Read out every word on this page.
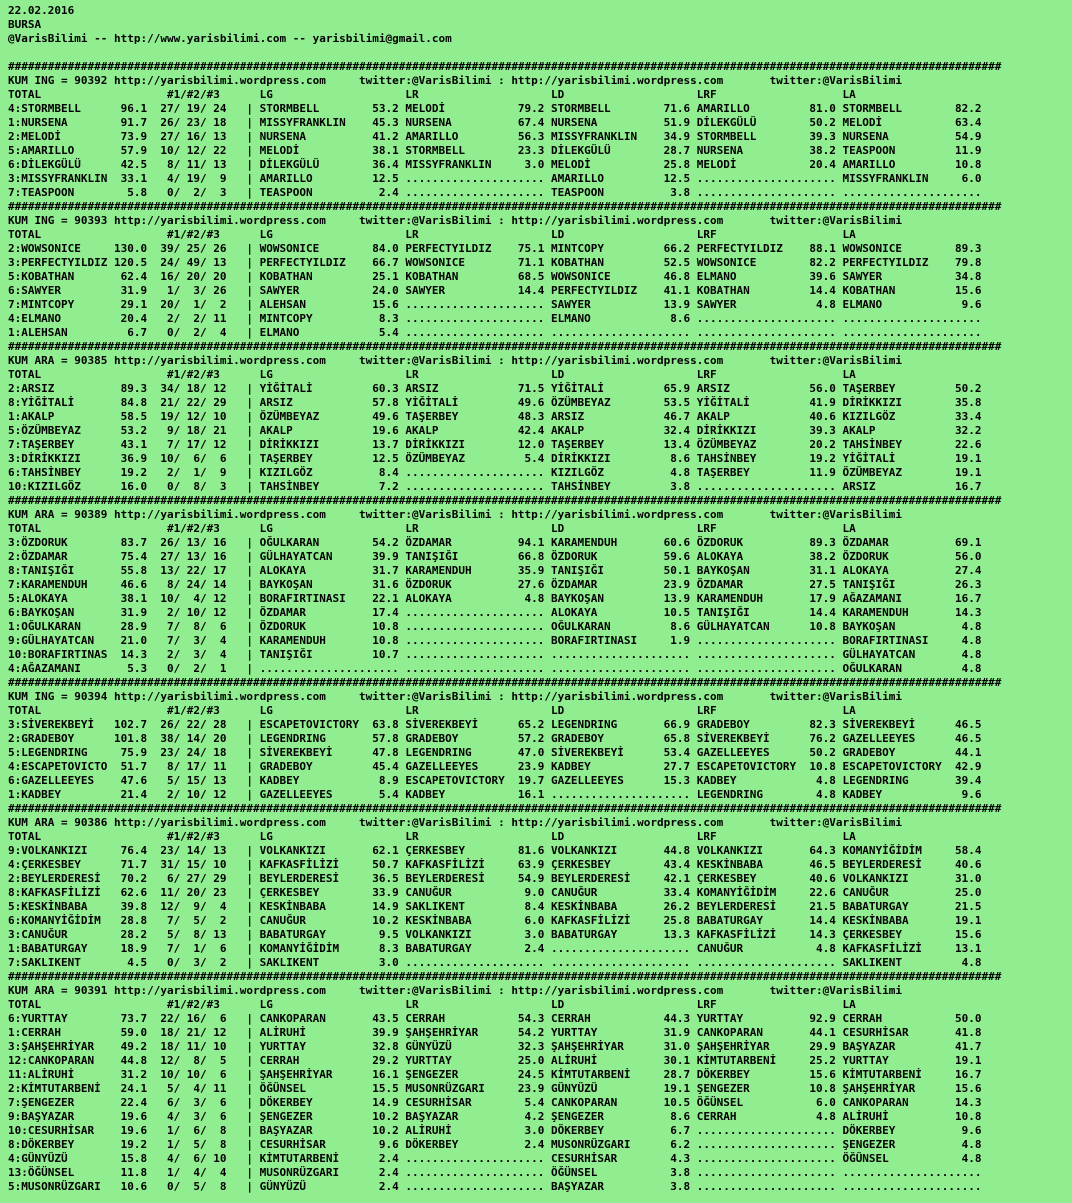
22.02.2016
BURSA
@VarisBilimi -- http://www.yarisbilimi.com -- yarisbilimi@gmail.com
######################################################################################################################################################
KUM ING = 90392 http://yarisbilimi.wordpress.com     twitter:@VarisBilimi : http://yarisbilimi.wordpress.com       twitter:@VarisBilimi
TOTAL                   #1/#2/#3      LG                    LR                    LD                    LRF                   LA
4:STORMBELL      96.1  27/ 19/ 24   | STORMBELL        53.2 MELODİ           79.2 STORMBELL        71.6 AMARILLO         81.0 STORMBELL        82.2
1:NURSENA        91.7  26/ 23/ 18   | MISSYFRANKLIN    45.3 NURSENA          67.4 NURSENA          51.9 DİLEKGÜLÜ        50.2 MELODİ           63.4
2:MELODİ         73.9  27/ 16/ 13   | NURSENA          41.2 AMARILLO         56.3 MISSYFRANKLIN    34.9 STORMBELL        39.3 NURSENA          54.9
5:AMARILLO       57.9  10/ 12/ 22   | MELODİ           38.1 STORMBELL        23.3 DİLEKGÜLÜ        28.7 NURSENA          38.2 TEASPOON         11.9
6:DİLEKGÜLÜ      42.5   8/ 11/ 13   | DİLEKGÜLÜ        36.4 MISSYFRANKLIN     3.0 MELODİ           25.8 MELODİ           20.4 AMARILLO         10.8
3:MISSYFRANKLIN  33.1   4/ 19/  9   | AMARILLO         12.5 ..................... AMARILLO         12.5 ..................... MISSYFRANKLIN     6.0
7:TEASPOON        5.8   0/  2/  3   | TEASPOON          2.4 ..................... TEASPOON          3.8 ..................... .....................
######################################################################################################################################################
KUM ING = 90393 http://yarisbilimi.wordpress.com     twitter:@VarisBilimi : http://yarisbilimi.wordpress.com       twitter:@VarisBilimi
TOTAL                   #1/#2/#3      LG                    LR                    LD                    LRF                   LA
2:WOWSONICE     130.0  39/ 25/ 26   | WOWSONICE        84.0 PERFECTYILDIZ    75.1 MINTCOPY         66.2 PERFECTYILDIZ    88.1 WOWSONICE        89.3
3:PERFECTYILDIZ 120.5  24/ 49/ 13   | PERFECTYILDIZ    66.7 WOWSONICE        71.1 KOBATHAN         52.5 WOWSONICE        82.2 PERFECTYILDIZ    79.8
5:KOBATHAN       62.4  16/ 20/ 20   | KOBATHAN         25.1 KOBATHAN         68.5 WOWSONICE        46.8 ELMANO           39.6 SAWYER           34.8
6:SAWYER         31.9   1/  3/ 26   | SAWYER           24.0 SAWYER           14.4 PERFECTYILDIZ    41.1 KOBATHAN         14.4 KOBATHAN         15.6
7:MINTCOPY       29.1  20/  1/  2   | ALEHSAN          15.6 ..................... SAWYER           13.9 SAWYER            4.8 ELMANO            9.6
4:ELMANO         20.4   2/  2/ 11   | MINTCOPY          8.3 ..................... ELMANO            8.6 ..................... .....................
1:ALEHSAN         6.7   0/  2/  4   | ELMANO            5.4 ..................... ..................... ..................... .....................
######################################################################################################################################################
KUM ARA = 90385 http://yarisbilimi.wordpress.com     twitter:@VarisBilimi : http://yarisbilimi.wordpress.com       twitter:@VarisBilimi
TOTAL                   #1/#2/#3      LG                    LR                    LD                    LRF                   LA
2:ARSIZ          89.3  34/ 18/ 12   | YİĞİTALİ         60.3 ARSIZ            71.5 YİĞİTALİ         65.9 ARSIZ            56.0 TAŞERBEY         50.2
8:YİĞİTALİ       84.8  21/ 22/ 29   | ARSIZ            57.8 YİĞİTALİ         49.6 ÖZÜMBEYAZ        53.5 YİĞİTALİ         41.9 DİRİKKIZI        35.8
1:AKALP          58.5  19/ 12/ 10   | ÖZÜMBEYAZ        49.6 TAŞERBEY         48.3 ARSIZ            46.7 AKALP            40.6 KIZILGÖZ         33.4
5:ÖZÜMBEYAZ      53.2   9/ 18/ 21   | AKALP            19.6 AKALP            42.4 AKALP            32.4 DİRİKKIZI        39.3 AKALP            32.2
7:TAŞERBEY       43.1   7/ 17/ 12   | DİRİKKIZI        13.7 DİRİKKIZI        12.0 TAŞERBEY         13.4 ÖZÜMBEYAZ        20.2 TAHSİNBEY        22.6
3:DİRİKKIZI      36.9  10/  6/  6   | TAŞERBEY         12.5 ÖZÜMBEYAZ         5.4 DİRİKKIZI         8.6 TAHSİNBEY        19.2 YİĞİTALİ         19.1
6:TAHSİNBEY      19.2   2/  1/  9   | KIZILGÖZ          8.4 ..................... KIZILGÖZ          4.8 TAŞERBEY         11.9 ÖZÜMBEYAZ        19.1
10:KIZILGÖZ      16.0   0/  8/  3   | TAHSİNBEY         7.2 ..................... TAHSİNBEY         3.8 ..................... ARSIZ            16.7
######################################################################################################################################################
KUM ARA = 90389 http://yarisbilimi.wordpress.com     twitter:@VarisBilimi : http://yarisbilimi.wordpress.com       twitter:@VarisBilimi
TOTAL                   #1/#2/#3      LG                    LR                    LD                    LRF                   LA
3:ÖZDORUK        83.7  26/ 13/ 16   | OĞULKARAN        54.2 ÖZDAMAR          94.1 KARAMENDUH       60.6 ÖZDORUK          89.3 ÖZDAMAR          69.1
2:ÖZDAMAR        75.4  27/ 13/ 16   | GÜLHAYATCAN      39.9 TANIŞIĞI         66.8 ÖZDORUK          59.6 ALOKAYA          38.2 ÖZDORUK          56.0
8:TANIŞIĞI       55.8  13/ 22/ 17   | ALOKAYA          31.7 KARAMENDUH       35.9 TANIŞIĞI         50.1 BAYKOŞAN         31.1 ALOKAYA          27.4
7:KARAMENDUH     46.6   8/ 24/ 14   | BAYKOŞAN         31.6 ÖZDORUK          27.6 ÖZDAMAR          23.9 ÖZDAMAR          27.5 TANIŞIĞI         26.3
5:ALOKAYA        38.1  10/  4/ 12   | BORAFIRTINASI    22.1 ALOKAYA           4.8 BAYKOŞAN         13.9 KARAMENDUH       17.9 AĞAZAMANI        16.7
6:BAYKOŞAN       31.9   2/ 10/ 12   | ÖZDAMAR          17.4 ..................... ALOKAYA          10.5 TANIŞIĞI         14.4 KARAMENDUH       14.3
1:OĞULKARAN      28.9   7/  8/  6   | ÖZDORUK          10.8 ..................... OĞULKARAN         8.6 GÜLHAYATCAN      10.8 BAYKOŞAN          4.8
9:GÜLHAYATCAN    21.0   7/  3/  4   | KARAMENDUH       10.8 ..................... BORAFIRTINASI     1.9 ..................... BORAFIRTINASI     4.8
10:BORAFIRTINAS  14.3   2/  3/  4   | TANIŞIĞI         10.7 ..................... ..................... ..................... GÜLHAYATCAN       4.8
4:AĞAZAMANI       5.3   0/  2/  1   | ..................... ..................... ..................... ..................... OĞULKARAN         4.8
######################################################################################################################################################
KUM ING = 90394 http://yarisbilimi.wordpress.com     twitter:@VarisBilimi : http://yarisbilimi.wordpress.com       twitter:@VarisBilimi
TOTAL                   #1/#2/#3      LG                    LR                    LD                    LRF                   LA
3:SİVEREKBEYİ   102.7  26/ 22/ 28   | ESCAPETOVICTORY  63.8 SİVEREKBEYİ      65.2 LEGENDRING       66.9 GRADEBOY         82.3 SİVEREKBEYİ      46.5
2:GRADEBOY      101.8  38/ 14/ 20   | LEGENDRING       57.8 GRADEBOY         57.2 GRADEBOY         65.8 SİVEREKBEYİ      76.2 GAZELLEEYES      46.5
5:LEGENDRING     75.9  23/ 24/ 18   | SİVEREKBEYİ      47.8 LEGENDRING       47.0 SİVEREKBEYİ      53.4 GAZELLEEYES      50.2 GRADEBOY         44.1
4:ESCAPETOVICTO  51.7   8/ 17/ 11   | GRADEBOY         45.4 GAZELLEEYES      23.9 KADBEY           27.7 ESCAPETOVICTORY  10.8 ESCAPETOVICTORY  42.9
6:GAZELLEEYES    47.6   5/ 15/ 13   | KADBEY            8.9 ESCAPETOVICTORY  19.7 GAZELLEEYES      15.3 KADBEY            4.8 LEGENDRING       39.4
1:KADBEY         21.4   2/ 10/ 12   | GAZELLEEYES       5.4 KADBEY           16.1 ..................... LEGENDRING        4.8 KADBEY            9.6
######################################################################################################################################################
KUM ARA = 90386 http://yarisbilimi.wordpress.com     twitter:@VarisBilimi : http://yarisbilimi.wordpress.com       twitter:@VarisBilimi
TOTAL                   #1/#2/#3      LG                    LR                    LD                    LRF                   LA
9:VOLKANKIZI     76.4  23/ 14/ 13   | VOLKANKIZI       62.1 ÇERKESBEY        81.6 VOLKANKIZI       44.8 VOLKANKIZI       64.3 KOMANYİĞİDİM     58.4
4:ÇERKESBEY      71.7  31/ 15/ 10   | KAFKASFİLİZİ     50.7 KAFKASFİLİZİ     63.9 ÇERKESBEY        43.4 KESKİNBABA       46.5 BEYLERDERESİ     40.6
2:BEYLERDERESİ   70.2   6/ 27/ 29   | BEYLERDERESİ     36.5 BEYLERDERESİ     54.9 BEYLERDERESİ     42.1 ÇERKESBEY        40.6 VOLKANKIZI       31.0
8:KAFKASFİLİZİ   62.6  11/ 20/ 23   | ÇERKESBEY        33.9 CANUĞUR           9.0 CANUĞUR          33.4 KOMANYİĞİDİM     22.6 CANUĞUR          25.0
5:KESKİNBABA     39.8  12/  9/  4   | KESKİNBABA       14.9 SAKLIKENT         8.4 KESKİNBABA       26.2 BEYLERDERESİ     21.5 BABATURGAY       21.5
6:KOMANYİĞİDİM   28.8   7/  5/  2   | CANUĞUR          10.2 KESKİNBABA        6.0 KAFKASFİLİZİ     25.8 BABATURGAY       14.4 KESKİNBABA       19.1
3:CANUĞUR        28.2   5/  8/ 13   | BABATURGAY        9.5 VOLKANKIZI        3.0 BABATURGAY       13.3 KAFKASFİLİZİ     14.3 ÇERKESBEY        15.6
1:BABATURGAY     18.9   7/  1/  6   | KOMANYİĞİDİM      8.3 BABATURGAY        2.4 ..................... CANUĞUR           4.8 KAFKASFİLİZİ     13.1
7:SAKLIKENT       4.5   0/  3/  2   | SAKLIKENT         3.0 ..................... ..................... ..................... SAKLIKENT         4.8
######################################################################################################################################################
KUM ARA = 90391 http://yarisbilimi.wordpress.com     twitter:@VarisBilimi : http://yarisbilimi.wordpress.com       twitter:@VarisBilimi
TOTAL                   #1/#2/#3      LG                    LR                    LD                    LRF                   LA
6:YURTTAY        73.7  22/ 16/  6   | CANKOPARAN       43.5 CERRAH           54.3 CERRAH           44.3 YURTTAY          92.9 CERRAH           50.0
1:CERRAH         59.0  18/ 21/ 12   | ALİRUHİ          39.9 ŞAHŞEHRİYAR      54.2 YURTTAY          31.9 CANKOPARAN       44.1 CESURHİSAR       41.8
3:ŞAHŞEHRİYAR    49.2  18/ 11/ 10   | YURTTAY          32.8 GÜNYÜZÜ          32.3 ŞAHŞEHRİYAR      31.0 ŞAHŞEHRİYAR      29.9 BAŞYAZAR         41.7
12:CANKOPARAN    44.8  12/  8/  5   | CERRAH           29.2 YURTTAY          25.0 ALİRUHİ          30.1 KİMTUTARBENİ     25.2 YURTTAY          19.1
11:ALİRUHİ       31.2  10/ 10/  6   | ŞAHŞEHRİYAR      16.1 ŞENGEZER         24.5 KİMTUTARBENİ     28.7 DÖKERBEY         15.6 KİMTUTARBENİ     16.7
2:KİMTUTARBENİ   24.1   5/  4/ 11   | ÖĞÜNSEL          15.5 MUSONRÜZGARI     23.9 GÜNYÜZÜ          19.1 ŞENGEZER         10.8 ŞAHŞEHRİYAR      15.6
7:ŞENGEZER       22.4   6/  3/  6   | DÖKERBEY         14.9 CESURHİSAR        5.4 CANKOPARAN       10.5 ÖĞÜNSEL           6.0 CANKOPARAN       14.3
9:BAŞYAZAR       19.6   4/  3/  6   | ŞENGEZER         10.2 BAŞYAZAR          4.2 ŞENGEZER          8.6 CERRAH            4.8 ALİRUHİ          10.8
10:CESURHİSAR    19.6   1/  6/  8   | BAŞYAZAR         10.2 ALİRUHİ           3.0 DÖKERBEY          6.7 ..................... DÖKERBEY          9.6
8:DÖKERBEY       19.2   1/  5/  8   | CESURHİSAR        9.6 DÖKERBEY          2.4 MUSONRÜZGARI      6.2 ..................... ŞENGEZER          4.8
4:GÜNYÜZÜ        15.8   4/  6/ 10   | KİMTUTARBENİ      2.4 ..................... CESURHİSAR        4.3 ..................... ÖĞÜNSEL           4.8
13:ÖĞÜNSEL       11.8   1/  4/  4   | MUSONRÜZGARI      2.4 ..................... ÖĞÜNSEL           3.8 ..................... .....................
5:MUSONRÜZGARI   10.6   0/  5/  8   | GÜNYÜZÜ           2.4 ..................... BAŞYAZAR          3.8 ..................... .....................
